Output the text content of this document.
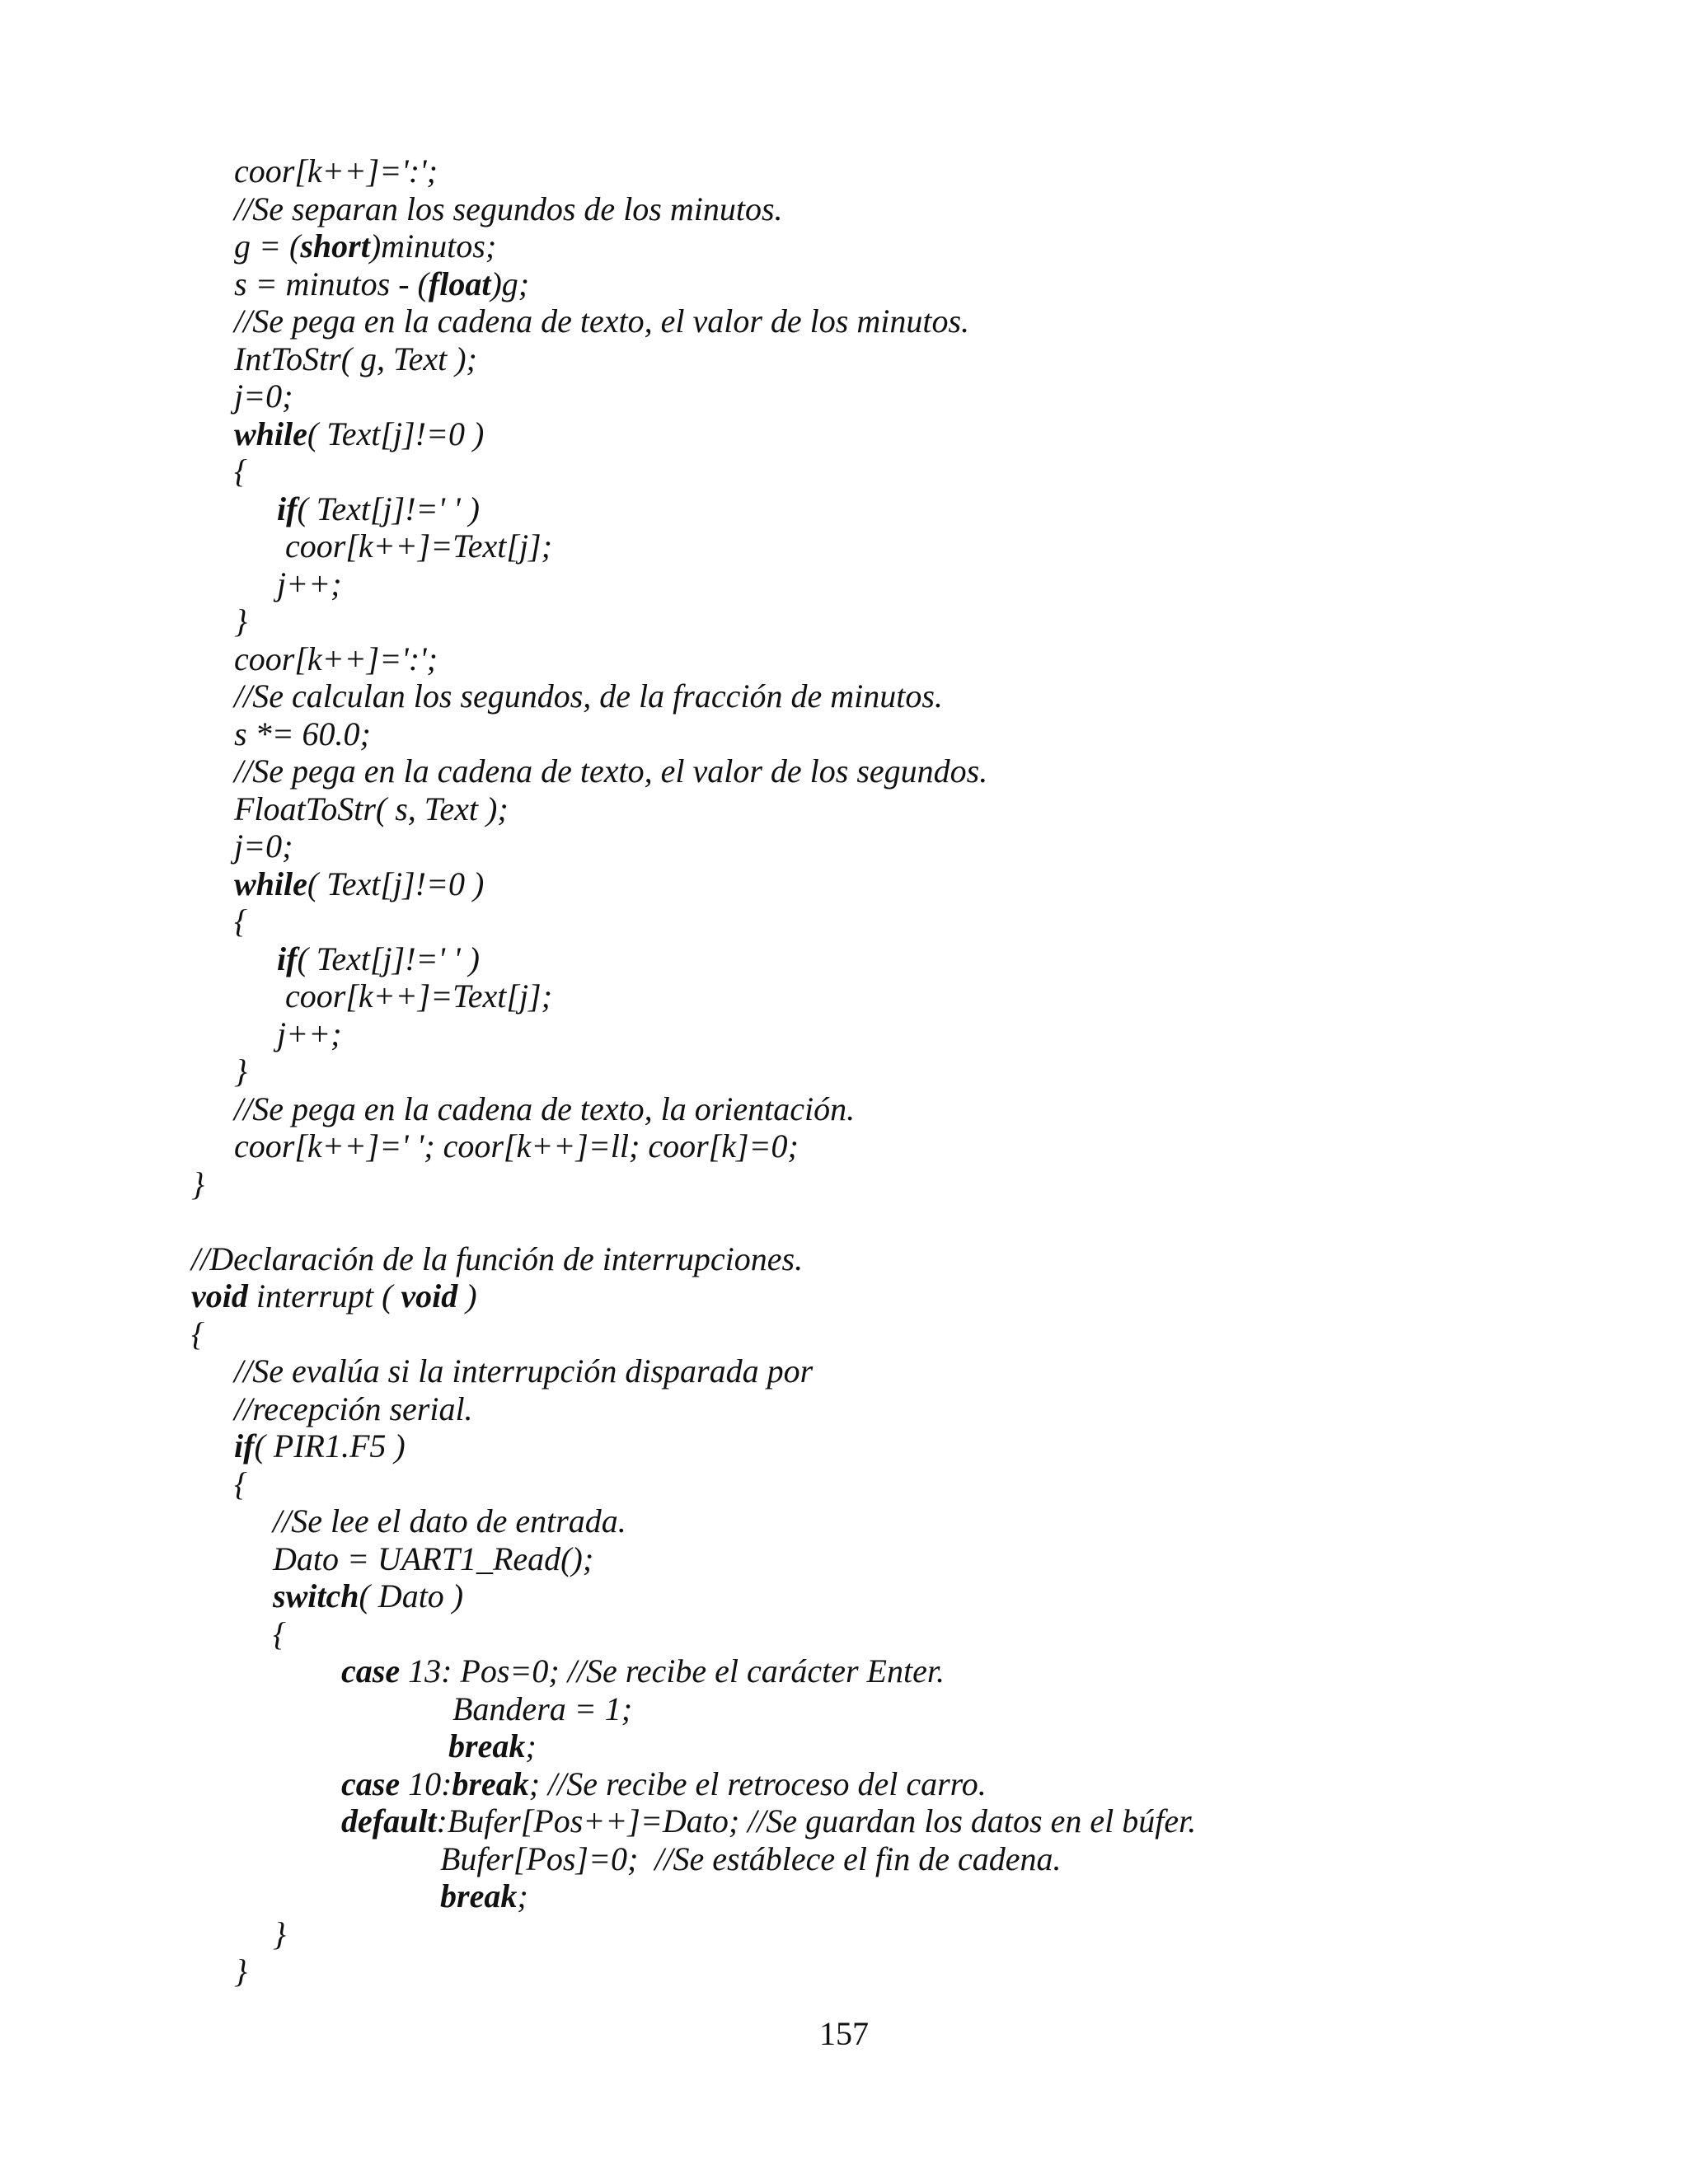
coor[k++]=':';
//Se separan los segundos de los minutos.
g = (short)minutos;
s = minutos - (float)g;
//Se pega en la cadena de texto, el valor de los minutos.
IntToStr( g, Text );
j=0;
while( Text[j]!=0 )
{
if( Text[j]!=' ' )
coor[k++]=Text[j];
j++;
}
coor[k++]=':';
//Se calculan los segundos, de la fracción de minutos.
s *= 60.0;
//Se pega en la cadena de texto, el valor de los segundos.
FloatToStr( s, Text );
j=0;
while( Text[j]!=0 )
{
if( Text[j]!=' ' )
coor[k++]=Text[j];
j++;
}
//Se pega en la cadena de texto, la orientación.
coor[k++]=' '; coor[k++]=ll; coor[k]=0;
}
//Declaración de la función de interrupciones.
void interrupt ( void )
{
//Se evalúa si la interrupción disparada por
//recepción serial.
if( PIR1.F5 )
{
//Se lee el dato de entrada.
Dato = UART1_Read();
switch( Dato )
{
case 13: Pos=0; //Se recibe el carácter Enter.
Bandera = 1;
break;
case 10:break; //Se recibe el retroceso del carro.
default:Bufer[Pos++]=Dato; //Se guardan los datos en el búfer.
Bufer[Pos]=0;  //Se estáblece el fin de cadena.
break;
}
}
157
